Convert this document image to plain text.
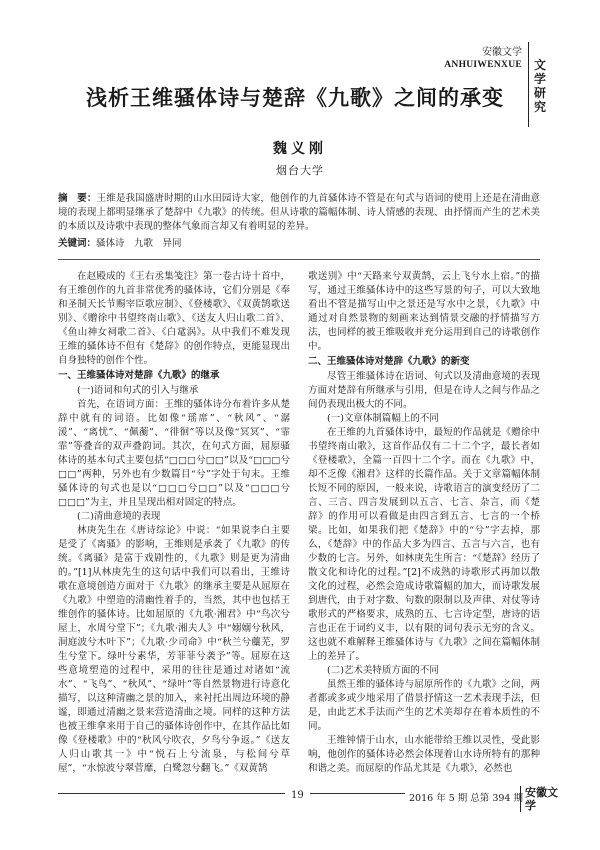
安徽文学
ANHUIWENXUE 文学研究
浅析王维骚体诗与楚辞《九歌》之间的承变
魏义刚
烟台大学
摘　要：王维是我国盛唐时期的山水田园诗大家，他创作的九首骚体诗不管是在句式与语词的使用上还是在清曲意境的表现上都明显继承了楚辞中《九歌》的传统。但从诗歌的篇幅体制、诗人情感的表现、由抒情而产生的艺术美的本质以及诗歌中表现的整体气象而言却又有着明显的差异。
关键词：骚体诗　九歌　异同

在赵殿成的《王右丞集笺注》第一卷古诗十首中，有王维创作的九首非常优秀的骚体诗，它们分别是《奉和圣制天长节赐宰臣歌应制》、《登楼歌》、《双黄鹄歌送别》、《赠徐中书望终南山歌》、《送友人归山歌二首》、《鱼山神女祠歌二首》、《白鼋涡》。从中我们不难发现王维的骚体诗不但有《楚辞》的创作特点，更能显现出自身独特的创作个性。

一、王维骚体诗对楚辞《九歌》的继承
(一)语词和句式的引入与继承

首先，在语词方面：王维的骚体诗分布着许多从楚辞中就有的词语。比如像“瑶席”、“秋风”、“潺湲”、“离忧”、“佩蘅”、“徘徊”等以及像“冥冥”、“霏霏”等叠音的双声叠韵词。其次，在句式方面，屈原骚体诗的基本句式主要包括“□□□兮□□”以及“□□□兮□□”两种，另外也有少数篇目“兮”字处于句末。王维骚体诗的句式也是以“□□□兮□□”以及“□□□兮□□□”为主，并且呈现出相对固定的特点。

(二)清曲意境的表现

林庚先生在《唐诗综论》中说：“如果说李白主要是受了《离骚》的影响，王维则是承袭了《九歌》的传统。《离骚》是富于戏剧性的，《九歌》则是更为清曲的。”[1]从林庚先生的这句话中我们可以看出，王维诗歌在意境创造方面对于《九歌》的继承主要是从屈原在《九歌》中塑造的清幽性着手的，当然，其中也包括王维创作的骚体诗。比如屈原的《九歌·湘君》中“鸟次兮屋上，水周兮堂下”；《九歌·湘夫人》中“嫋嫋兮秋风，洞庭波兮木叶下”；《九歌·少司命》中“秋兰兮蘪芜，罗生兮堂下。绿叶兮素华，芳菲菲兮袭予”等。屈原在这些意境塑造的过程中，采用的往往是通过对诸如“流水”、“飞鸟”、“秋风”、“绿叶”等自然景物进行诗意化描写，以这种清幽之景的加入，来衬托出周边环境的静谧，即通过清幽之景来营造清曲之境。同样的这种方法也被王维拿来用于自己的骚体诗创作中，在其作品比如像《登楼歌》中的“秋风兮吹衣，夕鸟兮争返。”《送友人归山歌其一》中“悦石上兮流泉，与松间兮草屋”，“水惊波兮翠菅靡，白鹭忽兮翻飞。”《双黄鹄

歌送别》中“天路来兮双黄鹄，云上飞兮水上宿。”的描写，通过王维骚体诗中的这些写景的句子，可以大致地看出不管是描写山中之景还是写水中之景，《九歌》中通过对自然景物的刻画来达到情景交融的抒情描写方法，也同样的被王维吸收并充分运用到自己的诗歌创作中。

二、王维骚体诗对楚辞《九歌》的新变

尽管王维骚体诗在语词、句式以及清曲意境的表现方面对楚辞有所继承与引用，但是在诗人之间与作品之间仍表现出极大的不同。

(一)文章体制篇幅上的不同

在王维的九首骚体诗中，最短的作品就是《赠徐中书望终南山歌》，这首作品仅有二十二个字，最长者如《登楼歌》，全篇一百四十二个字。而在《九歌》中，却不乏像《湘君》这样的长篇作品。关于文章篇幅体制长短不同的原因，一般来说，诗歌语言的演变经历了二言、三言、四言发展到以五言、七言、杂言，而《楚辞》的作用可以看做是由四言到五言、七言的一个桥梁。比如，如果我们把《楚辞》中的“兮”字去掉，那么，《楚辞》中的作品大多为四言、五言与六言，也有少数的七言。另外，如林庚先生所言：“《楚辞》经历了散文化和诗化的过程。”[2]不成熟的诗歌形式再加以散文化的过程，必然会造成诗歌篇幅的加大，而诗歌发展到唐代，由于对字数、句数的限制以及声律、对仗等诗歌形式的严格要求，成熟的五、七言诗定型，唐诗的语言也正在于词约义丰，以有限的词句表示无穷的含义。这也就不难解释王维骚体诗与《九歌》之间在篇幅体制上的差异了。

(二)艺术美特质方面的不同

虽然王维的骚体诗与屈原所作的《九歌》之间，两者都或多或少地采用了借景抒情这一艺术表现手法，但是，由此艺术手法而产生的艺术美却存在着本质性的不同。

王维钟情于山水，山水能带给王维以灵性，受此影响，他创作的骚体诗必然会体现着山水诗所特有的那种和谐之美。而屈原的作品尤其是《九歌》，必然也

19	2016 年 5 期 总第 394 期 安徽文学
